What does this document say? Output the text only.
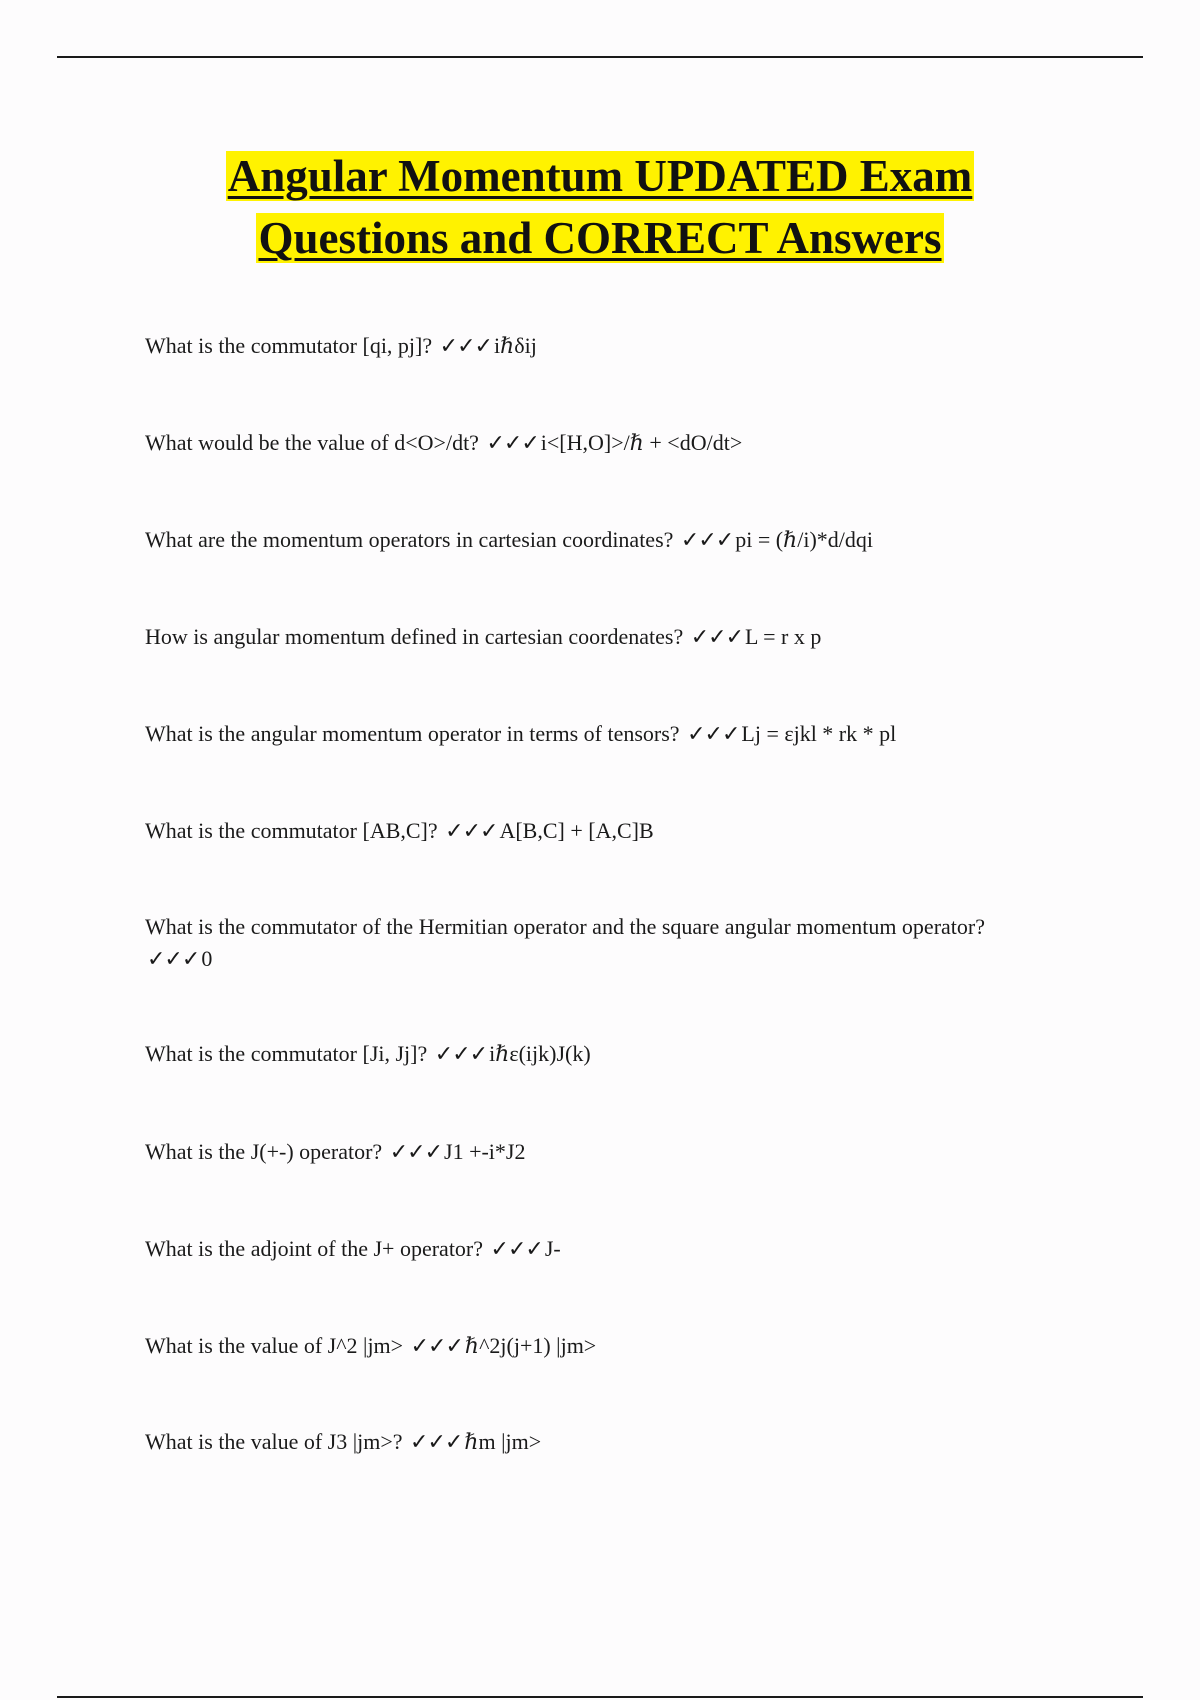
Angular Momentum UPDATED Exam
Questions and CORRECT Answers
What is the commutator [qi, pj]? ✓✓✓iℏδij
What would be the value of d<O>/dt? ✓✓✓i<[H,O]>/ℏ + <dO/dt>
What are the momentum operators in cartesian coordinates? ✓✓✓pi = (ℏ/i)*d/dqi
How is angular momentum defined in cartesian coordenates? ✓✓✓L = r x p
What is the angular momentum operator in terms of tensors? ✓✓✓Lj = εjkl * rk * pl
What is the commutator [AB,C]? ✓✓✓A[B,C] + [A,C]B
What is the commutator of the Hermitian operator and the square angular momentum operator? ✓✓✓0
What is the commutator [Ji, Jj]? ✓✓✓iℏε(ijk)J(k)
What is the J(+-) operator? ✓✓✓J1 +-i*J2
What is the adjoint of the J+ operator? ✓✓✓J-
What is the value of J^2 |jm> ✓✓✓ℏ^2j(j+1) |jm>
What is the value of J3 |jm>? ✓✓✓ℏm |jm>
